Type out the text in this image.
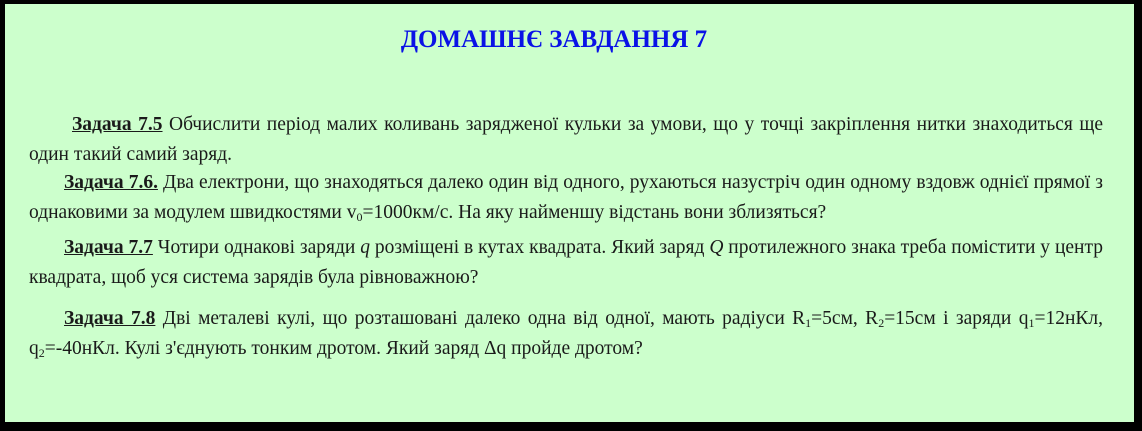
ДОМАШНЄ ЗАВДАННЯ 7

Задача 7.5 Обчислити період малих коливань зарядженої кульки за умови, що у точці закріплення нитки знаходиться ще один такий самий заряд.

Задача 7.6. Два електрони, що знаходяться далеко один від одного, рухаються назустріч один одному вздовж однієї прямої з однаковими за модулем швидкостями $v_0=1000км/с$. На яку найменшу відстань вони зблизяться?

Задача 7.7 Чотири однакові заряди q розміщені в кутах квадрата. Який заряд Q протилежного знака треба помістити у центр квадрата, щоб уся система зарядів була рівноважною?

Задача 7.8 Дві металеві кулі, що розташовані далеко одна від одної, мають радіуси $R_1=5см$, $R_2=15см$ і заряди $q_1=12нКл$, $q_2=-40нКл$. Кулі з'єднують тонким дротом. Який заряд Δq пройде дротом?
